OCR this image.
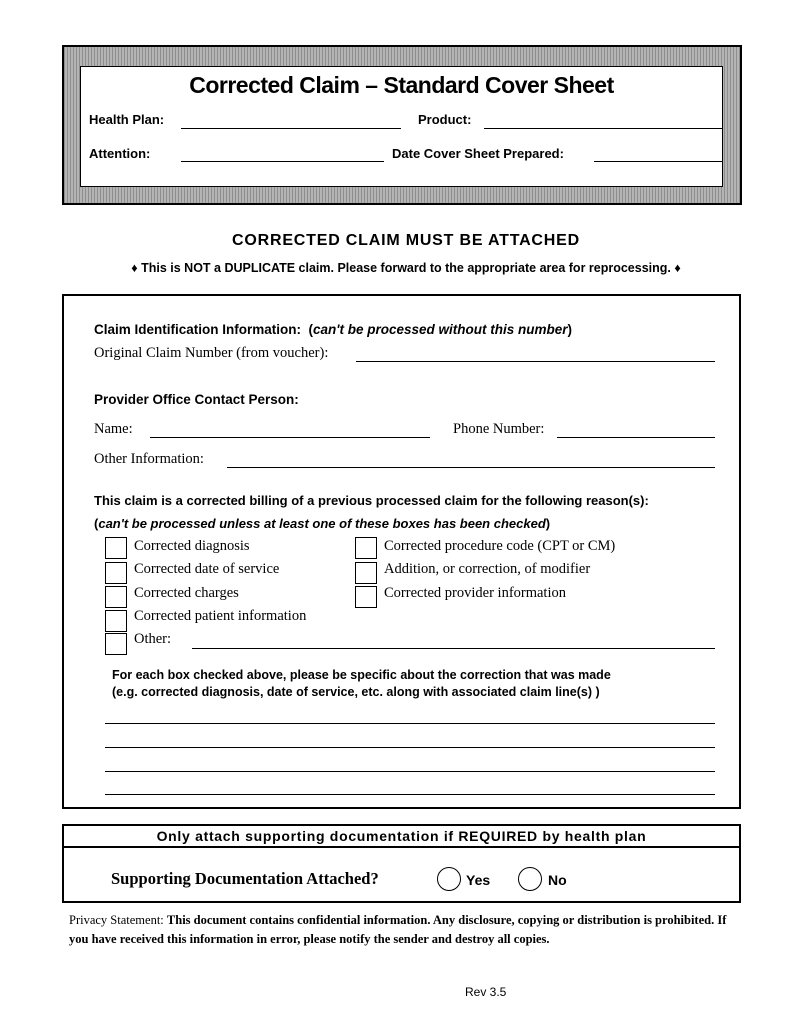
Corrected Claim – Standard Cover Sheet
Health Plan:	Product:
Attention:	Date Cover Sheet Prepared:
CORRECTED CLAIM MUST BE ATTACHED
♦ This is NOT a DUPLICATE claim. Please forward to the appropriate area for reprocessing. ♦
Claim Identification Information:  (can't be processed without this number)
Original Claim Number (from voucher):
Provider Office Contact Person:
Name:	Phone Number:
Other Information:
This claim is a corrected billing of a previous processed claim for the following reason(s):
(can't be processed unless at least one of these boxes has been checked)
Corrected diagnosis
Corrected date of service
Corrected charges
Corrected patient information
Other:
Corrected procedure code (CPT or CM)
Addition, or correction, of modifier
Corrected provider information
For each box checked above, please be specific about the correction that was made
(e.g. corrected diagnosis, date of service, etc. along with associated claim line(s) )
Only attach supporting documentation if REQUIRED by health plan
Supporting Documentation Attached?	Yes	No
Privacy Statement: This document contains confidential information. Any disclosure, copying or distribution is prohibited. If you have received this information in error, please notify the sender and destroy all copies.
Rev 3.5
